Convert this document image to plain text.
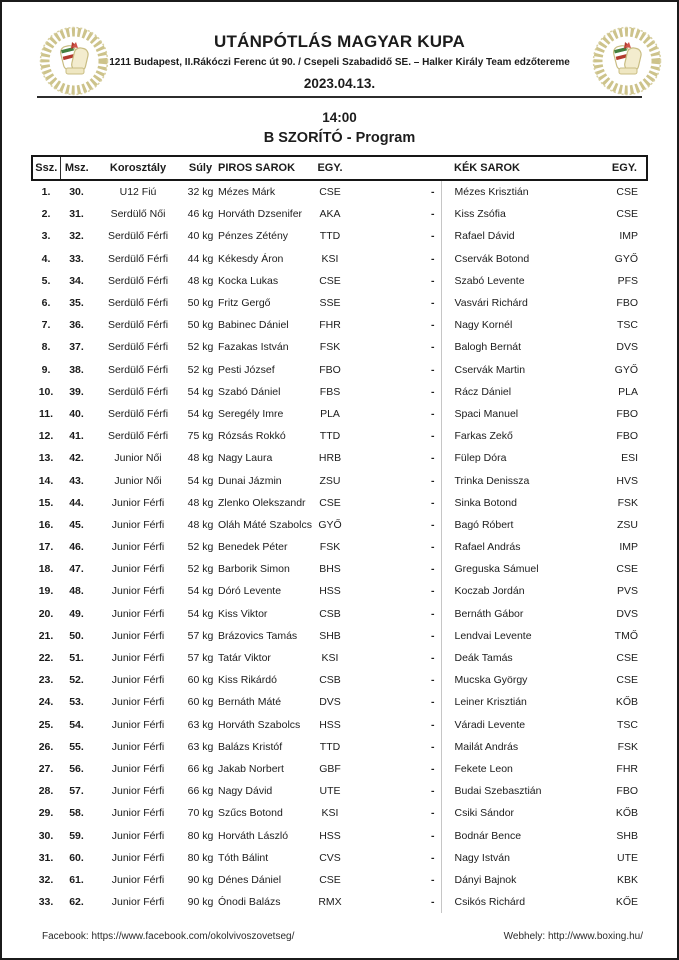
UTÁNPÓTLÁS MAGYAR KUPA
1211 Budapest, II.Rákóczi Ferenc út 90. / Csepeli Szabadidő SE. – Halker Király Team edzőtereme
2023.04.13.
14:00
B SZORÍTÓ - Program
Ssz.	Msz.	Korosztály	Súly	PIROS SAROK	EGY.		KÉK SAROK	EGY.
1.	30.	U12 Fiú	32 kg	Mézes Márk	CSE	-	Mézes Krisztián	CSE
2.	31.	Serdülő Női	46 kg	Horváth Dzsenifer	AKA	-	Kiss Zsófia	CSE
3.	32.	Serdülő Férfi	40 kg	Pénzes Zétény	TTD	-	Rafael Dávid	IMP
4.	33.	Serdülő Férfi	44 kg	Kékesdy Áron	KSI	-	Cservák Botond	GYŐ
5.	34.	Serdülő Férfi	48 kg	Kocka Lukas	CSE	-	Szabó Levente	PFS
6.	35.	Serdülő Férfi	50 kg	Fritz Gergő	SSE	-	Vasvári Richárd	FBO
7.	36.	Serdülő Férfi	50 kg	Babinec Dániel	FHR	-	Nagy Kornél	TSC
8.	37.	Serdülő Férfi	52 kg	Fazakas István	FSK	-	Balogh Bernát	DVS
9.	38.	Serdülő Férfi	52 kg	Pesti József	FBO	-	Cservák Martin	GYŐ
10.	39.	Serdülő Férfi	54 kg	Szabó Dániel	FBS	-	Rácz Dániel	PLA
11.	40.	Serdülő Férfi	54 kg	Seregély Imre	PLA	-	Spaci Manuel	FBO
12.	41.	Serdülő Férfi	75 kg	Rózsás Rokkó	TTD	-	Farkas Zekő	FBO
13.	42.	Junior Női	48 kg	Nagy Laura	HRB	-	Fülep Dóra	ESI
14.	43.	Junior Női	54 kg	Dunai Jázmin	ZSU	-	Trinka Denissza	HVS
15.	44.	Junior Férfi	48 kg	Zlenko Olekszandr	CSE	-	Sinka Botond	FSK
16.	45.	Junior Férfi	48 kg	Oláh Máté Szabolcs	GYŐ	-	Bagó Róbert	ZSU
17.	46.	Junior Férfi	52 kg	Benedek Péter	FSK	-	Rafael András	IMP
18.	47.	Junior Férfi	52 kg	Barborik Simon	BHS	-	Greguska Sámuel	CSE
19.	48.	Junior Férfi	54 kg	Dóró Levente	HSS	-	Koczab Jordán	PVS
20.	49.	Junior Férfi	54 kg	Kiss Viktor	CSB	-	Bernáth Gábor	DVS
21.	50.	Junior Férfi	57 kg	Brázovics Tamás	SHB	-	Lendvai Levente	TMŐ
22.	51.	Junior Férfi	57 kg	Tatár Viktor	KSI	-	Deák Tamás	CSE
23.	52.	Junior Férfi	60 kg	Kiss Rikárdó	CSB	-	Mucska György	CSE
24.	53.	Junior Férfi	60 kg	Bernáth Máté	DVS	-	Leiner Krisztián	KŐB
25.	54.	Junior Férfi	63 kg	Horváth Szabolcs	HSS	-	Váradi Levente	TSC
26.	55.	Junior Férfi	63 kg	Balázs Kristóf	TTD	-	Mailát András	FSK
27.	56.	Junior Férfi	66 kg	Jakab Norbert	GBF	-	Fekete Leon	FHR
28.	57.	Junior Férfi	66 kg	Nagy Dávid	UTE	-	Budai Szebasztián	FBO
29.	58.	Junior Férfi	70 kg	Szűcs Botond	KSI	-	Csiki Sándor	KŐB
30.	59.	Junior Férfi	80 kg	Horváth László	HSS	-	Bodnár Bence	SHB
31.	60.	Junior Férfi	80 kg	Tóth Bálint	CVS	-	Nagy István	UTE
32.	61.	Junior Férfi	90 kg	Dénes Dániel	CSE	-	Dányi Bajnok	KBK
33.	62.	Junior Férfi	90 kg	Ónodi Balázs	RMX	-	Csikós Richárd	KŐE
Facebook: https://www.facebook.com/okolvivoszovetseg/	Webhely: http://www.boxing.hu/
